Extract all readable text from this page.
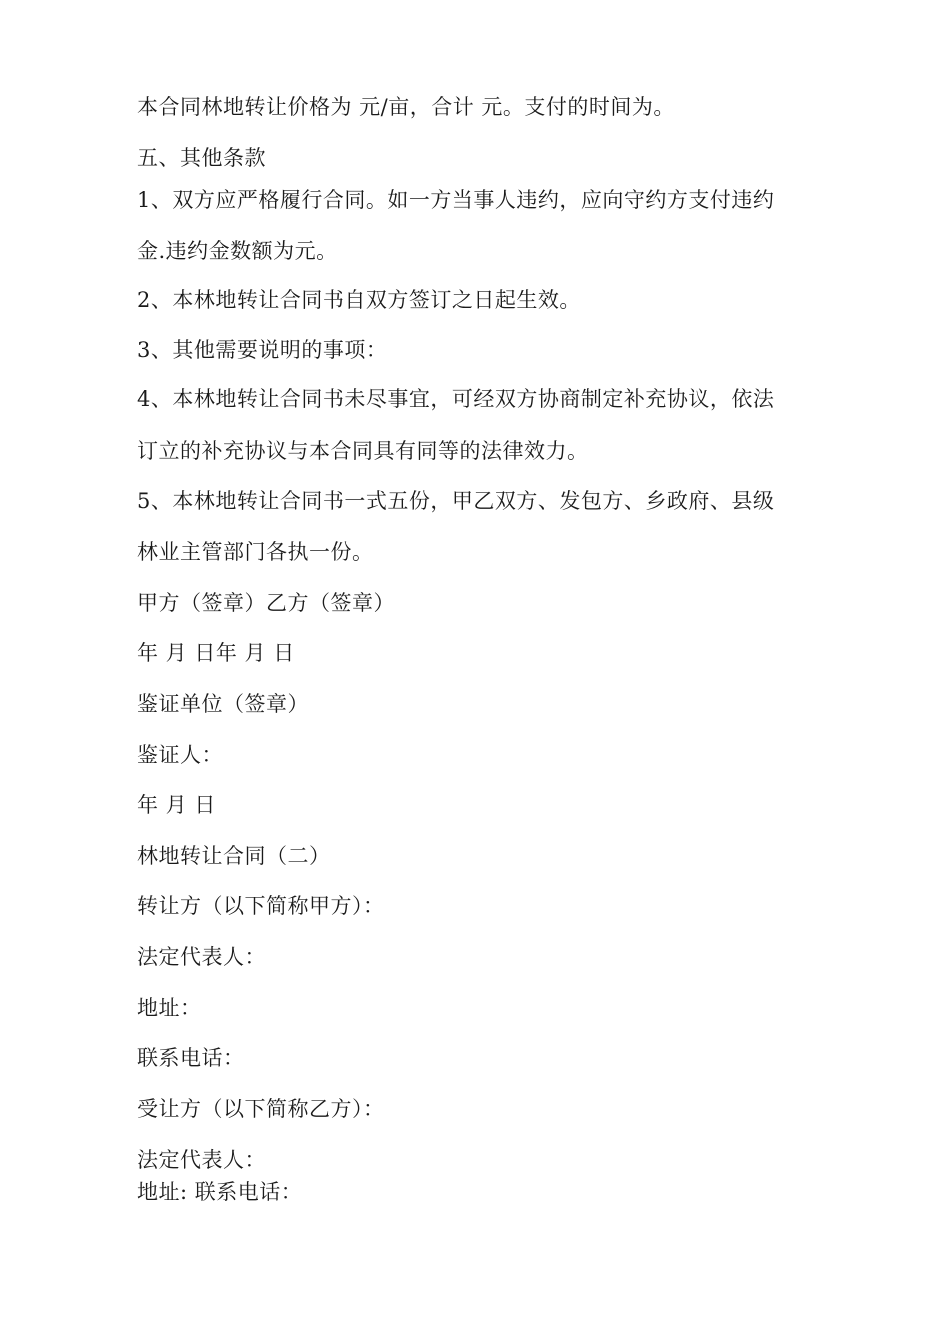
本合同林地转让价格为 元/亩，合计 元。支付的时间为。
五、其他条款
1、双方应严格履行合同。如一方当事人违约，应向守约方支付违约
金.违约金数额为元。
2、本林地转让合同书自双方签订之日起生效。
3、其他需要说明的事项：
4、本林地转让合同书未尽事宜，可经双方协商制定补充协议，依法
订立的补充协议与本合同具有同等的法律效力。
5、本林地转让合同书一式五份，甲乙双方、发包方、乡政府、县级
林业主管部门各执一份。
甲方（签章）乙方（签章）
年 月 日年 月 日
鉴证单位（签章）
鉴证人：
年 月 日
林地转让合同（二）
转让方（以下简称甲方）：
法定代表人：
地址：
联系电话：
受让方（以下简称乙方）：
法定代表人：
地址: 联系电话：
